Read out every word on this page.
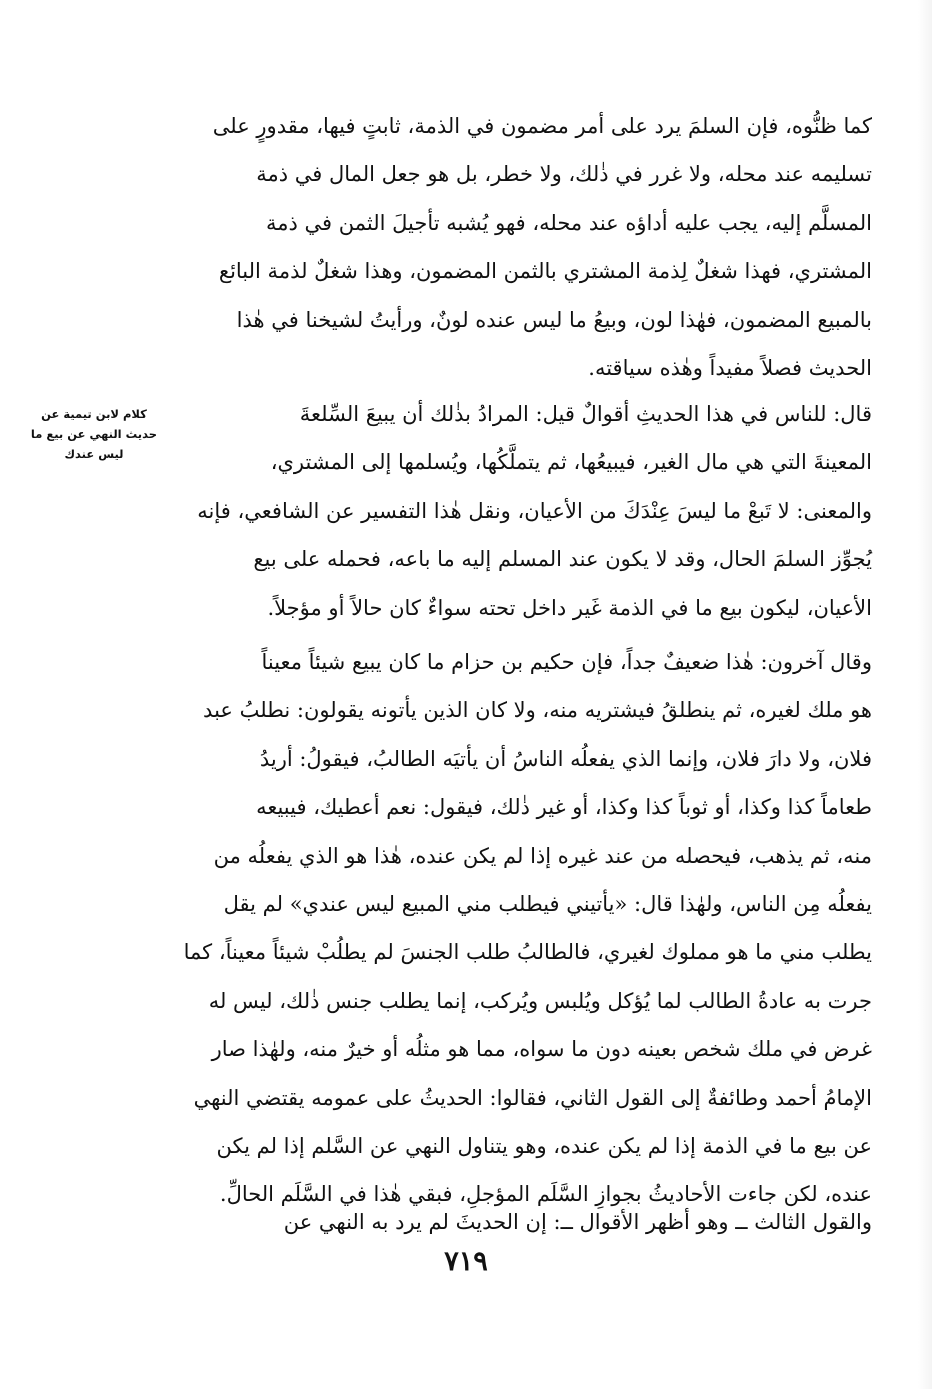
كما ظنُّوه، فإن السلمَ يرد على أمر مضمون في الذمة، ثابتٍ فيها، مقدورٍ على
تسليمه عند محله، ولا غرر في ذٰلك، ولا خطر، بل هو جعل المال في ذمة
المسلَّم إليه، يجب عليه أداؤه عند محله، فهو يُشبه تأجيلَ الثمن في ذمة
المشتري، فهذا شغلٌ لِذمة المشتري بالثمن المضمون، وهذا شغلٌ لذمة البائع
بالمبيع المضمون، فهٰذا لون، وبيعُ ما ليس عنده لونٌ، ورأيتُ لشيخنا في هٰذا
الحديث فصلاً مفيداً وهٰذه سياقته.
كلام لابن تيمية عن
حديث النهي عن بيع ما
ليس عندك
قال: للناس في هذا الحديثِ أقوالٌ قيل: المرادُ بذٰلك أن يبيعَ السِّلعةَ
المعينةَ التي هي مال الغير، فيبيعُها، ثم يتملَّكُها، ويُسلمها إلى المشتري،
والمعنى: لا تَبعْ ما ليسَ عِنْدَكَ من الأعيان، ونقل هٰذا التفسير عن الشافعي، فإنه
يُجوِّز السلمَ الحال، وقد لا يكون عند المسلم إليه ما باعه، فحمله على بيع
الأعيان، ليكون بيع ما في الذمة غَير داخل تحته سواءٌ كان حالاً أو مؤجلاً.
وقال آخرون: هٰذا ضعيفٌ جداً، فإن حكيم بن حزام ما كان يبيع شيئاً معيناً
هو ملك لغيره، ثم ينطلقُ فيشتريه منه، ولا كان الذين يأتونه يقولون: نطلبُ عبد
فلان، ولا دارَ فلان، وإنما الذي يفعلُه الناسُ أن يأتيَه الطالبُ، فيقولُ: أريدُ
طعاماً كذا وكذا، أو ثوباً كذا وكذا، أو غير ذٰلك، فيقول: نعم أعطيك، فيبيعه
منه، ثم يذهب، فيحصله من عند غيره إذا لم يكن عنده، هٰذا هو الذي يفعلُه من
يفعلُه مِن الناس، ولهٰذا قال: «يأتيني فيطلب مني المبيع ليس عندي» لم يقل
يطلب مني ما هو مملوك لغيري، فالطالبُ طلب الجنسَ لم يطلُبْ شيئاً معيناً، كما
جرت به عادةُ الطالب لما يُؤكل ويُلبس ويُركب، إنما يطلب جنس ذٰلك، ليس له
غرض في ملك شخص بعينه دون ما سواه، مما هو مثلُه أو خيرٌ منه، ولهٰذا صار
الإمامُ أحمد وطائفةٌ إلى القول الثاني، فقالوا: الحديثُ على عمومه يقتضي النهي
عن بيع ما في الذمة إذا لم يكن عنده، وهو يتناول النهي عن السَّلم إذا لم يكن
عنده، لكن جاءت الأحاديثُ بجوازِ السَّلَم المؤجلِ، فبقي هٰذا في السَّلَم الحالِّ.
والقول الثالث ــ وهو أظهر الأقوال ــ: إن الحديثَ لم يرد به النهي عن
٧١٩
